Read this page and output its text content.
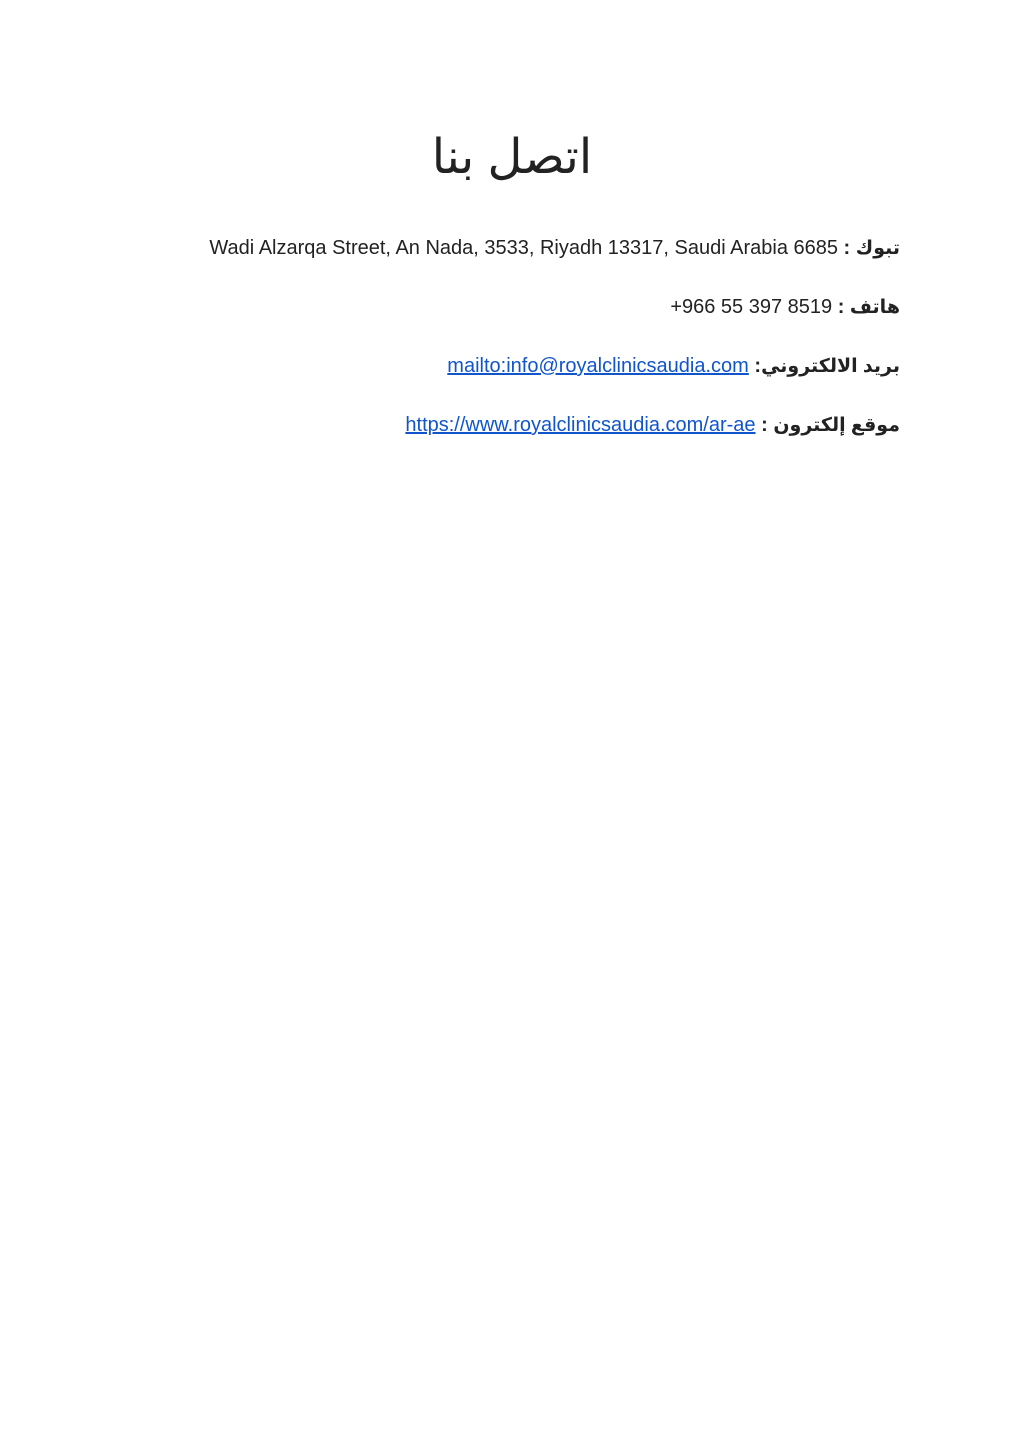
اتصل بنا
تبوك : Wadi Alzarqa Street, An Nada, 3533, Riyadh 13317, Saudi Arabia 6685
هاتف : +966 55 397 8519
بريد الالكتروني: mailto:info@royalclinicsaudia.com
موقع إلكترون : https://www.royalclinicsaudia.com/ar-ae
